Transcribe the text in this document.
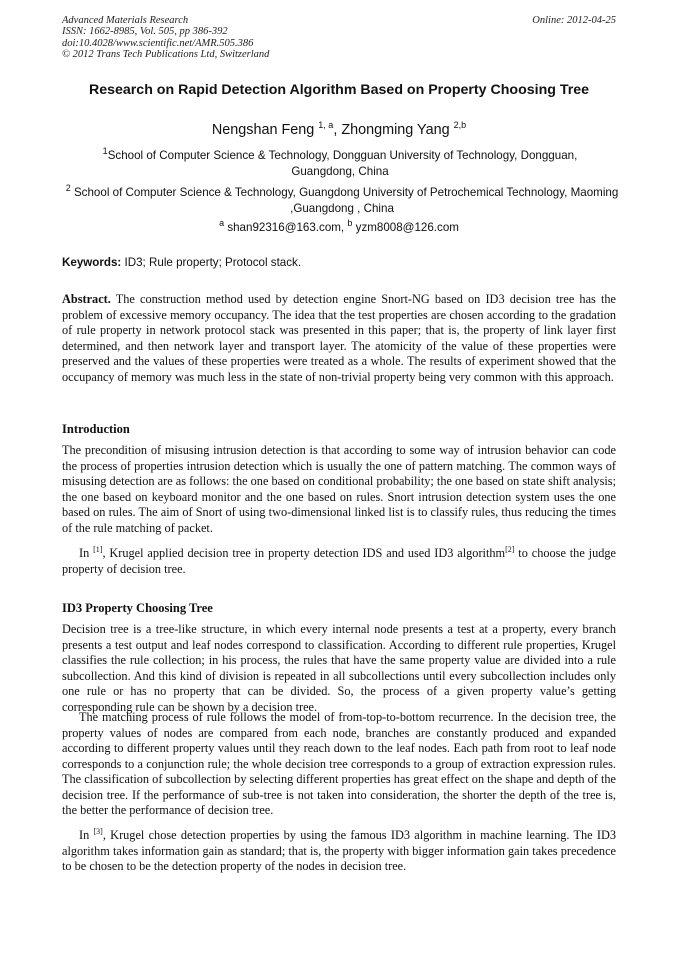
Advanced Materials Research
ISSN: 1662-8985, Vol. 505, pp 386-392
doi:10.4028/www.scientific.net/AMR.505.386
© 2012 Trans Tech Publications Ltd, Switzerland
Online: 2012-04-25
Research on Rapid Detection Algorithm Based on Property Choosing Tree
Nengshan Feng $^{1, a}$, Zhongming Yang $^{2,b}$
$^1$School of Computer Science & Technology, Dongguan University of Technology, Dongguan, Guangdong, China
$^2$ School of Computer Science & Technology, Guangdong University of Petrochemical Technology, Maoming ,Guangdong , China
$^a$ shan92316@163.com, $^b$ yzm8008@126.com
Keywords: ID3; Rule property; Protocol stack.
Abstract. The construction method used by detection engine Snort-NG based on ID3 decision tree has the problem of excessive memory occupancy. The idea that the test properties are chosen according to the gradation of rule property in network protocol stack was presented in this paper; that is, the property of link layer first determined, and then network layer and transport layer. The atomicity of the value of these properties were preserved and the values of these properties were treated as a whole. The results of experiment showed that the occupancy of memory was much less in the state of non-trivial property being very common with this approach.
Introduction
The precondition of misusing intrusion detection is that according to some way of intrusion behavior can code the process of properties intrusion detection which is usually the one of pattern matching. The common ways of misusing detection are as follows: the one based on conditional probability; the one based on state shift analysis; the one based on keyboard monitor and the one based on rules. Snort intrusion detection system uses the one based on rules. The aim of Snort of using two-dimensional linked list is to classify rules, thus reducing the times of the rule matching of packet.
In [1], Krugel applied decision tree in property detection IDS and used ID3 algorithm[2] to choose the judge property of decision tree.
ID3 Property Choosing Tree
Decision tree is a tree-like structure, in which every internal node presents a test at a property, every branch presents a test output and leaf nodes correspond to classification. According to different rule properties, Krugel classifies the rule collection; in his process, the rules that have the same property value are divided into a rule subcollection. And this kind of division is repeated in all subcollections until every subcollection includes only one rule or has no property that can be divided. So, the process of a given property value’s getting corresponding rule can be shown by a decision tree.
The matching process of rule follows the model of from-top-to-bottom recurrence. In the decision tree, the property values of nodes are compared from each node, branches are constantly produced and expanded according to different property values until they reach down to the leaf nodes. Each path from root to leaf node corresponds to a conjunction rule; the whole decision tree corresponds to a group of extraction expression rules. The classification of subcollection by selecting different properties has great effect on the shape and depth of the decision tree. If the performance of sub-tree is not taken into consideration, the shorter the depth of the tree is, the better the performance of decision tree.
In [3], Krugel chose detection properties by using the famous ID3 algorithm in machine learning. The ID3 algorithm takes information gain as standard; that is, the property with bigger information gain takes precedence to be chosen to be the detection property of the nodes in decision tree.
